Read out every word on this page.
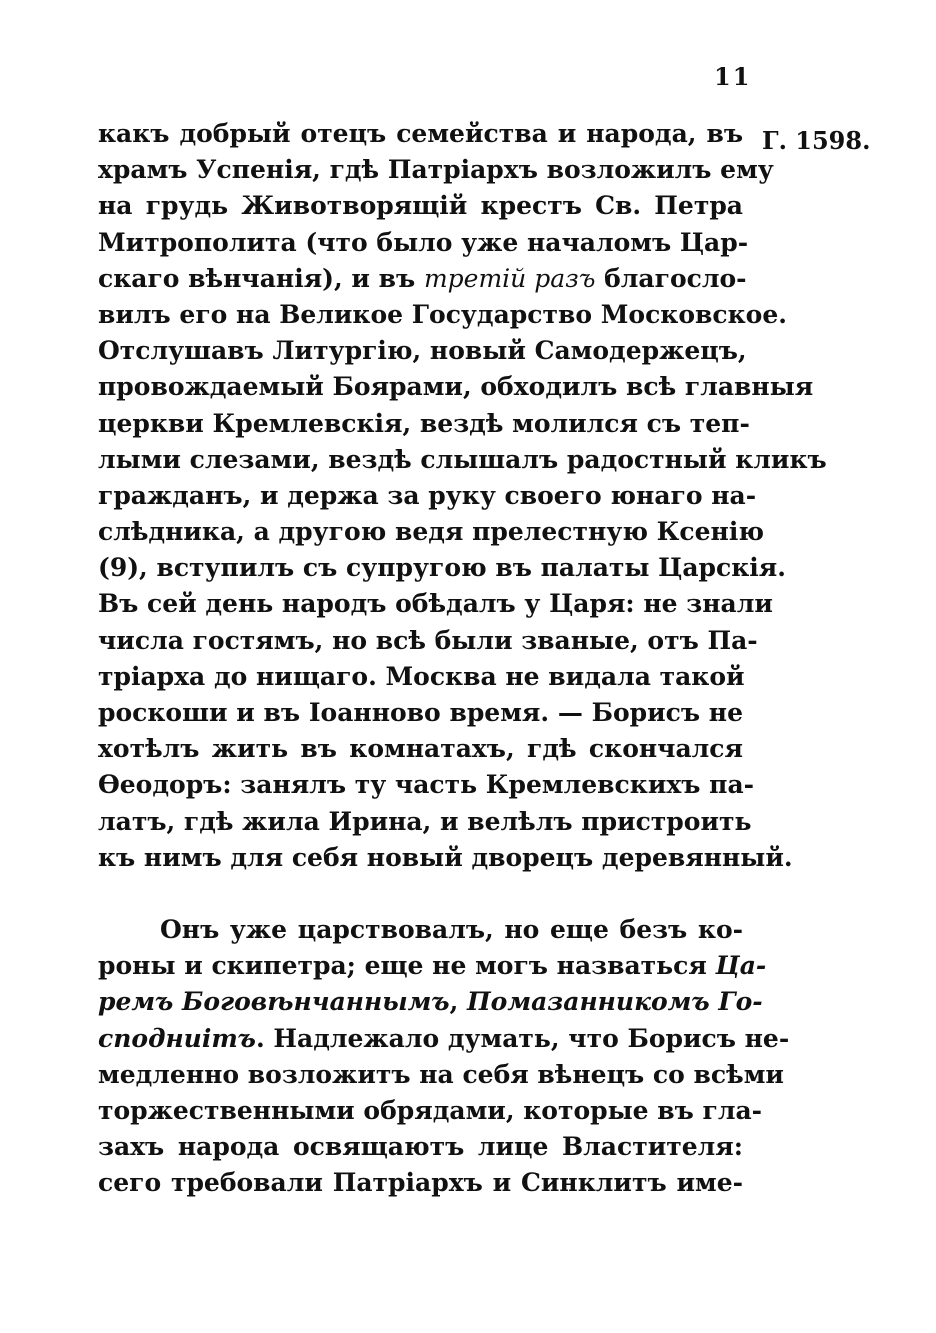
11
Г. 1598.
какъ добрый отецъ семейства и народа, въ
храмъ Успенія, гдѣ Патріархъ возложилъ ему
на грудь Животворящій крестъ Св. Петра
Митрополита (что было уже началомъ Цар-
скаго вѣнчанія), и въ третій разъ благосло-
вилъ его на Великое Государство Московское.
Отслушавъ Литургію, новый Самодержецъ,
провождаемый Боярами, обходилъ всѣ главныя
церкви Кремлевскія, вездѣ молился съ теп-
лыми слезами, вездѣ слышалъ радостный кликъ
гражданъ, и держа за руку своего юнаго на-
слѣдника, а другою ведя прелестную Ксенію
(9), вступилъ съ супругою въ палаты Царскія.
Въ сей день народъ обѣдалъ у Царя: не знали
числа гостямъ, но всѣ были званые, отъ Па-
тріарха до нищаго. Москва не видала такой
роскоши и въ Іоанново время. — Борисъ не
хотѣлъ жить въ комнатахъ, гдѣ скончался
Ѳеодоръ: занялъ ту часть Кремлевскихъ па-
латъ, гдѣ жила Ирина, и велѣлъ пристроить
къ нимъ для себя новый дворецъ деревянный.
Онъ уже царствовалъ, но еще безъ ко-
роны и скипетра; еще не могъ назваться Ца-
ремъ Боговѣнчаннымъ, Помазанникомъ Го-
сподниimъ. Надлежало думать, что Борисъ не-
медленно возложитъ на себя вѣнецъ со всѣми
торжественными обрядами, которые въ гла-
захъ народа освящаютъ лице Властителя:
сего требовали Патріархъ и Синклитъ име-
